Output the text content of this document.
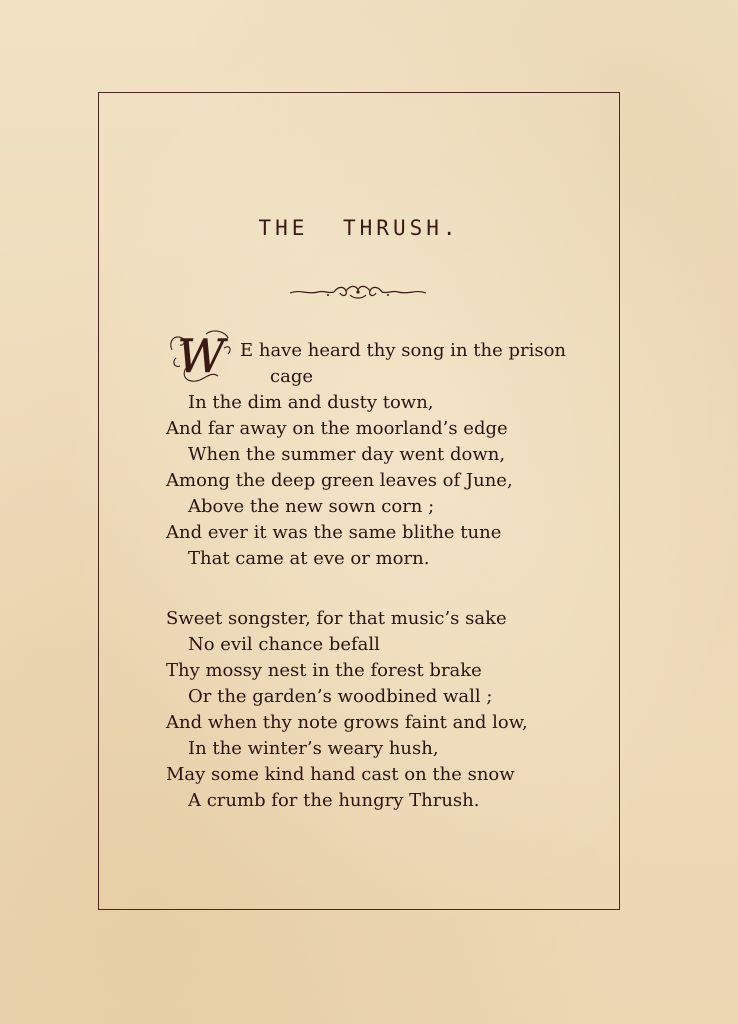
THE THRUSH.
W E have heard thy song in the prison
cage
In the dim and dusty town,
And far away on the moorland’s edge
When the summer day went down,
Among the deep green leaves of June,
Above the new sown corn ;
And ever it was the same blithe tune
That came at eve or morn.
Sweet songster, for that music’s sake
No evil chance befall
Thy mossy nest in the forest brake
Or the garden’s woodbined wall ;
And when thy note grows faint and low,
In the winter’s weary hush,
May some kind hand cast on the snow
A crumb for the hungry Thrush.
